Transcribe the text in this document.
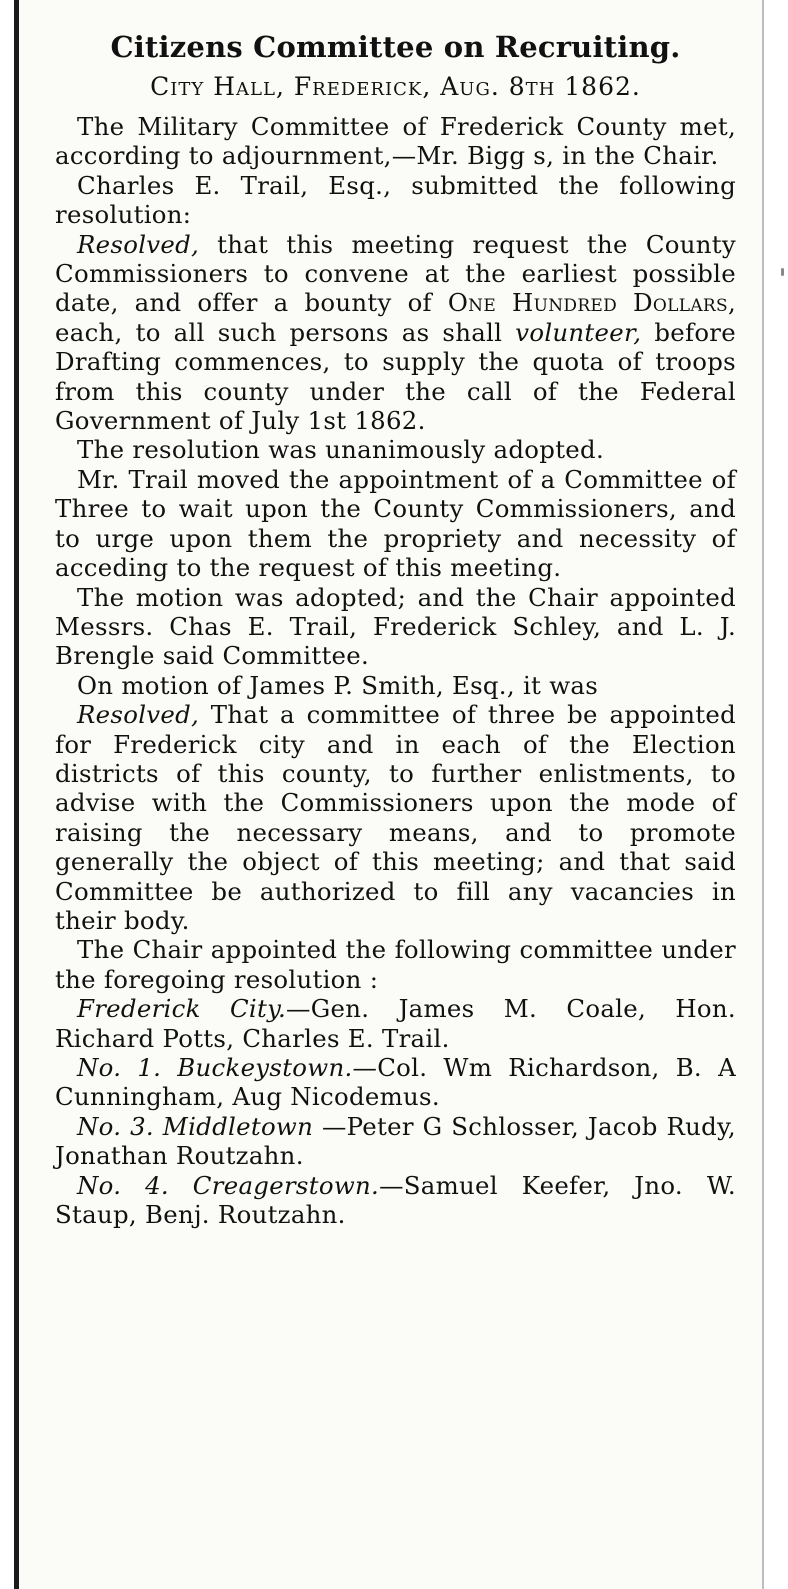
Citizens Committee on Recruiting.
City Hall, Frederick, Aug. 8th 1862.

The Military Committee of Frederick County met, according to adjournment,—Mr. Bigg s, in the Chair.

Charles E. Trail, Esq., submitted the following resolution:

Resolved, that this meeting request the County Commissioners to convene at the earliest possible date, and offer a bounty of One Hundred Dollars, each, to all such persons as shall volunteer, before Drafting commences, to supply the quota of troops from this county under the call of the Federal Government of July 1st 1862.

The resolution was unanimously adopted.

Mr. Trail moved the appointment of a Committee of Three to wait upon the County Commissioners, and to urge upon them the propriety and necessity of acceding to the request of this meeting.

The motion was adopted; and the Chair appointed Messrs. Chas E. Trail, Frederick Schley, and L. J. Brengle said Committee.

On motion of James P. Smith, Esq., it was

Resolved, That a committee of three be appointed for Frederick city and in each of the Election districts of this county, to further enlistments, to advise with the Commissioners upon the mode of raising the necessary means, and to promote generally the object of this meeting; and that said Committee be authorized to fill any vacancies in their body.

The Chair appointed the following committee under the foregoing resolution :

Frederick City.—Gen. James M. Coale, Hon. Richard Potts, Charles E. Trail.

No. 1. Buckeystown.—Col. Wm Richardson, B. A Cunningham, Aug Nicodemus.

No. 3. Middletown —Peter G Schlosser, Jacob Rudy, Jonathan Routzahn.

No. 4. Creagerstown.—Samuel Keefer, Jno. W. Staup, Benj. Routzahn.
